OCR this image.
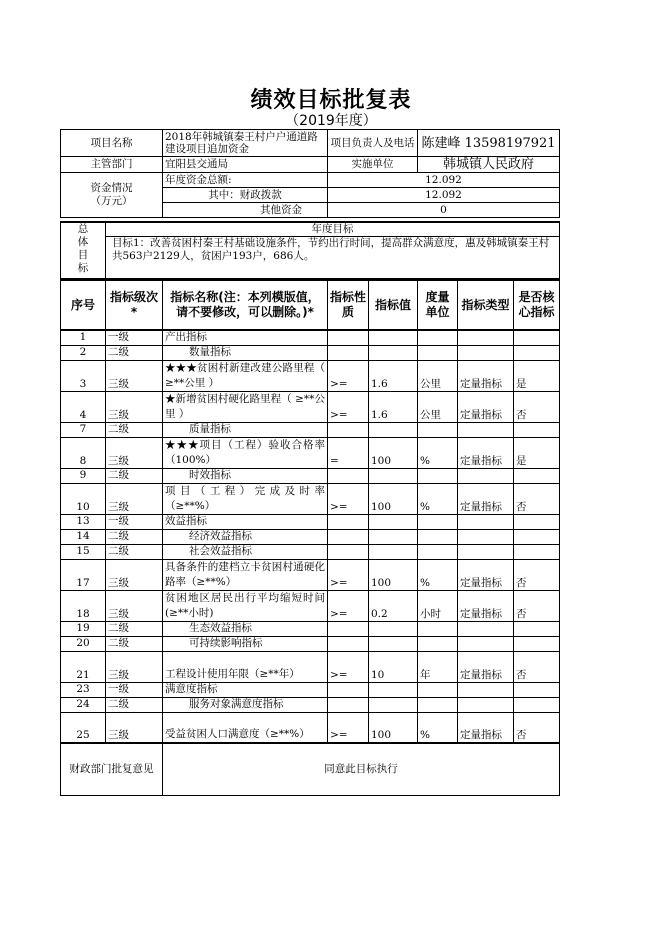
绩效目标批复表
（2019年度）
项目名称	2018年韩城镇秦王村户户通道路建设项目追加资金	项目负责人及电话	陈建峰 13598197921
主管部门	宜阳县交通局	实施单位	韩城镇人民政府
资金情况（万元）	年度资金总额:	12.092	
	其中：财政拨款	12.092	
	其他资金	0	
总体目标	年度目标
目标1：改善贫困村秦王村基础设施条件，节约出行时间，提高群众满意度，惠及韩城镇秦王村共563户2129人，贫困户193户，686人。
序号	指标级次*	指标名称(注：本列模版值，请不要修改，可以删除。)*	指标性质	指标值	度量单位	指标类型	是否核心指标
1	一级	产出指标					
2	二级	数量指标					
3	三级	★★★贫困村新建改建公路里程（ ≥**公里 ）	>=	1.6	公里	定量指标	是
4	三级	★新增贫困村硬化路里程（ ≥**公里 ）	>=	1.6	公里	定量指标	否
7	二级	质量指标					
8	三级	★★★项目（工程）验收合格率 （100%）	=	100	%	定量指标	是
9	二级	时效指标					
10	三级	项目（工程）完成及时率（≥**%）	>=	100	%	定量指标	否
13	一级	效益指标					
14	二级	经济效益指标					
15	二级	社会效益指标					
17	三级	具备条件的建档立卡贫困村通硬化路率（≥**%）	>=	100	%	定量指标	否
18	三级	贫困地区居民出行平均缩短时间(≥**小时)	>=	0.2	小时	定量指标	否
19	二级	生态效益指标					
20	二级	可持续影响指标					
21	三级	工程设计使用年限（≥**年）	>=	10	年	定量指标	否
23	一级	满意度指标					
24	二级	服务对象满意度指标					
25	三级	受益贫困人口满意度（≥**%）	>=	100	%	定量指标	否
财政部门批复意见		同意此目标执行					
